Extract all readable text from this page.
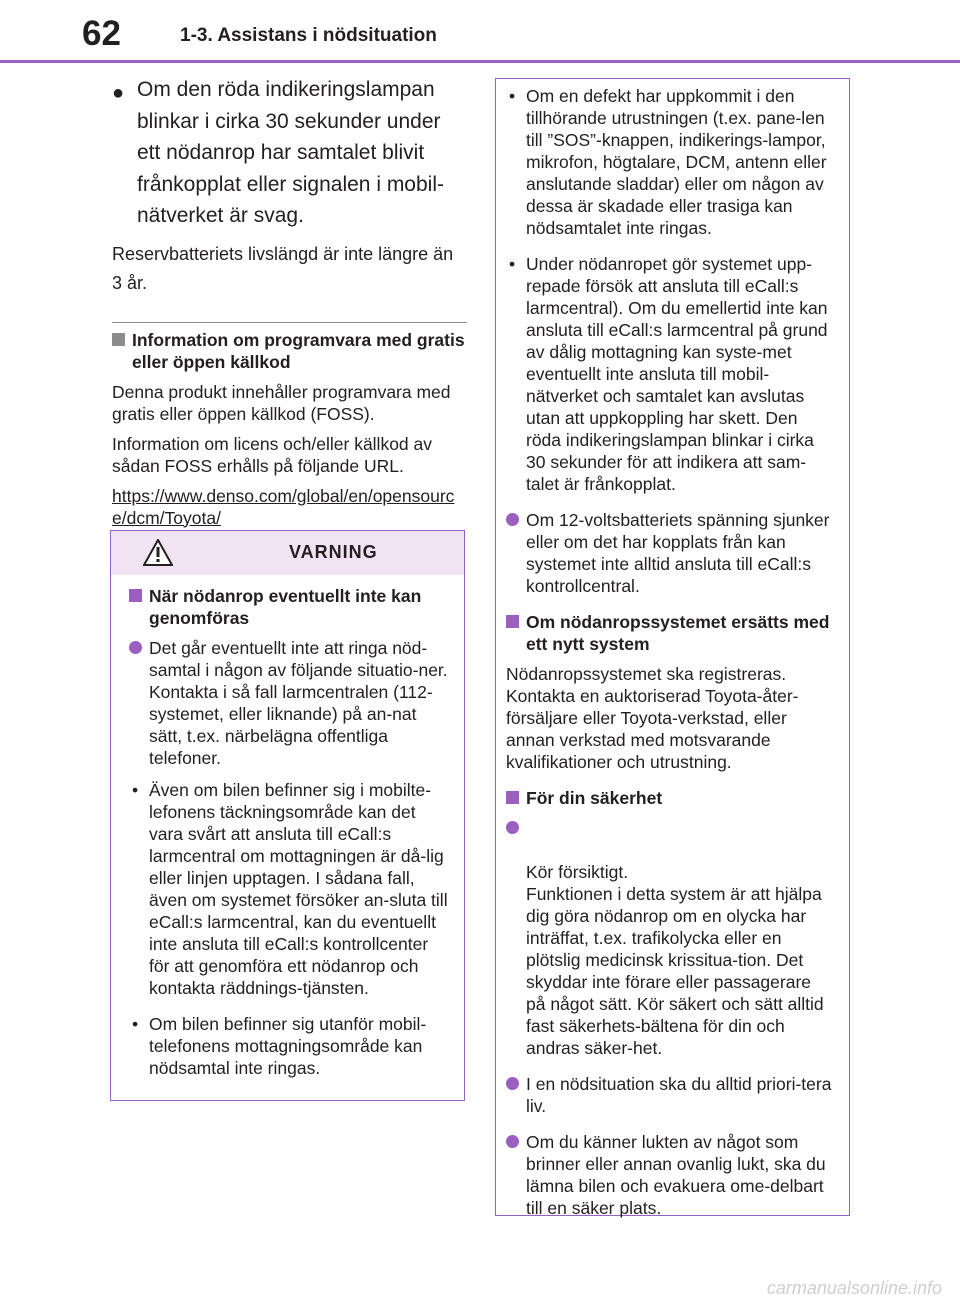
62	1-3. Assistans i nödsituation
● Om den röda indikeringslampan blinkar i cirka 30 sekunder under ett nödanrop har samtalet blivit frånkopplat eller signalen i mobil-nätverket är svag.
Reservbatteriets livslängd är inte längre än 3 år.
Information om programvara med gratis eller öppen källkod
Denna produkt innehåller programvara med gratis eller öppen källkod (FOSS).
Information om licens och/eller källkod av sådan FOSS erhålls på följande URL.
https://www.denso.com/global/en/opensource/dcm/Toyota/
VARNING
När nödanrop eventuellt inte kan genomföras
Det går eventuellt inte att ringa nöd-samtal i någon av följande situatio-ner. Kontakta i så fall larmcentralen (112-systemet, eller liknande) på an-nat sätt, t.ex. närbelägna offentliga telefoner.
• Även om bilen befinner sig i mobilte-lefonens täckningsområde kan det vara svårt att ansluta till eCall:s larmcentral om mottagningen är då-lig eller linjen upptagen. I sådana fall, även om systemet försöker an-sluta till eCall:s larmcentral, kan du eventuellt inte ansluta till eCall:s kontrollcenter för att genomföra ett nödanrop och kontakta räddnings-tjänsten.
• Om bilen befinner sig utanför mobil-telefonens mottagningsområde kan nödsamtal inte ringas.
• Om en defekt har uppkommit i den tillhörande utrustningen (t.ex. pane-len till ”SOS”-knappen, indikerings-lampor, mikrofon, högtalare, DCM, antenn eller anslutande sladdar) eller om någon av dessa är skadade eller trasiga kan nödsamtalet inte ringas.
• Under nödanropet gör systemet upp-repade försök att ansluta till eCall:s larmcentral). Om du emellertid inte kan ansluta till eCall:s larmcentral på grund av dålig mottagning kan syste-met eventuellt inte ansluta till mobil-nätverket och samtalet kan avslutas utan att uppkoppling har skett. Den röda indikeringslampan blinkar i cirka 30 sekunder för att indikera att sam-talet är frånkopplat.
Om 12-voltsbatteriets spänning sjunker eller om det har kopplats från kan systemet inte alltid ansluta till eCall:s kontrollcentral.
Om nödanropssystemet ersätts med ett nytt system
Nödanropssystemet ska registreras. Kontakta en auktoriserad Toyota-åter-försäljare eller Toyota-verkstad, eller annan verkstad med motsvarande kvalifikationer och utrustning.
För din säkerhet

Kör försiktigt.
Funktionen i detta system är att hjälpa dig göra nödanrop om en olycka har inträffat, t.ex. trafikolycka eller en plötslig medicinsk krissitua-tion. Det skyddar inte förare eller passagerare på något sätt. Kör säkert och sätt alltid fast säkerhets-bältena för din och andras säker-het.

I en nödsituation ska du alltid priori-tera liv.
Om du känner lukten av något som brinner eller annan ovanlig lukt, ska du lämna bilen och evakuera ome-delbart till en säker plats.
carmanualsonline.info
